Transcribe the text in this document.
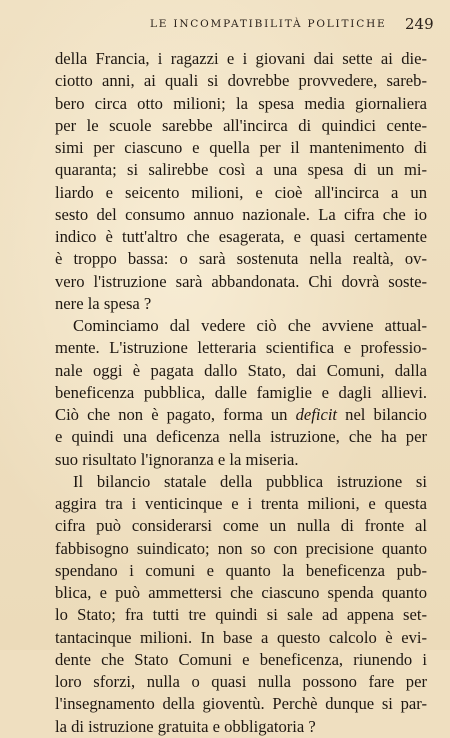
LE INCOMPATIBILITÀ POLITICHE 249
della Francia, i ragazzi e i giovani dai sette ai die-
ciotto anni, ai quali si dovrebbe provvedere, sareb-
bero circa otto milioni; la spesa media giornaliera
per le scuole sarebbe all'incirca di quindici cente-
simi per ciascuno e quella per il mantenimento di
quaranta; si salirebbe così a una spesa di un mi-
liardo e seicento milioni, e cioè all'incirca a un
sesto del consumo annuo nazionale. La cifra che io
indico è tutt'altro che esagerata, e quasi certamente
è troppo bassa: o sarà sostenuta nella realtà, ov-
vero l'istruzione sarà abbandonata. Chi dovrà soste-
nere la spesa ?
Cominciamo dal vedere ciò che avviene attual-
mente. L'istruzione letteraria scientifica e professio-
nale oggi è pagata dallo Stato, dai Comuni, dalla
beneficenza pubblica, dalle famiglie e dagli allievi.
Ciò che non è pagato, forma un deficit nel bilancio
e quindi una deficenza nella istruzione, che ha per
suo risultato l'ignoranza e la miseria.
Il bilancio statale della pubblica istruzione si
aggira tra i venticinque e i trenta milioni, e questa
cifra può considerarsi come un nulla di fronte al
fabbisogno suindicato; non so con precisione quanto
spendano i comuni e quanto la beneficenza pub-
blica, e può ammettersi che ciascuno spenda quanto
lo Stato; fra tutti tre quindi si sale ad appena set-
tantacinque milioni. In base a questo calcolo è evi-
dente che Stato Comuni e beneficenza, riunendo i
loro sforzi, nulla o quasi nulla possono fare per
l'insegnamento della gioventù. Perchè dunque si par-
la di istruzione gratuita e obbligatoria ?
